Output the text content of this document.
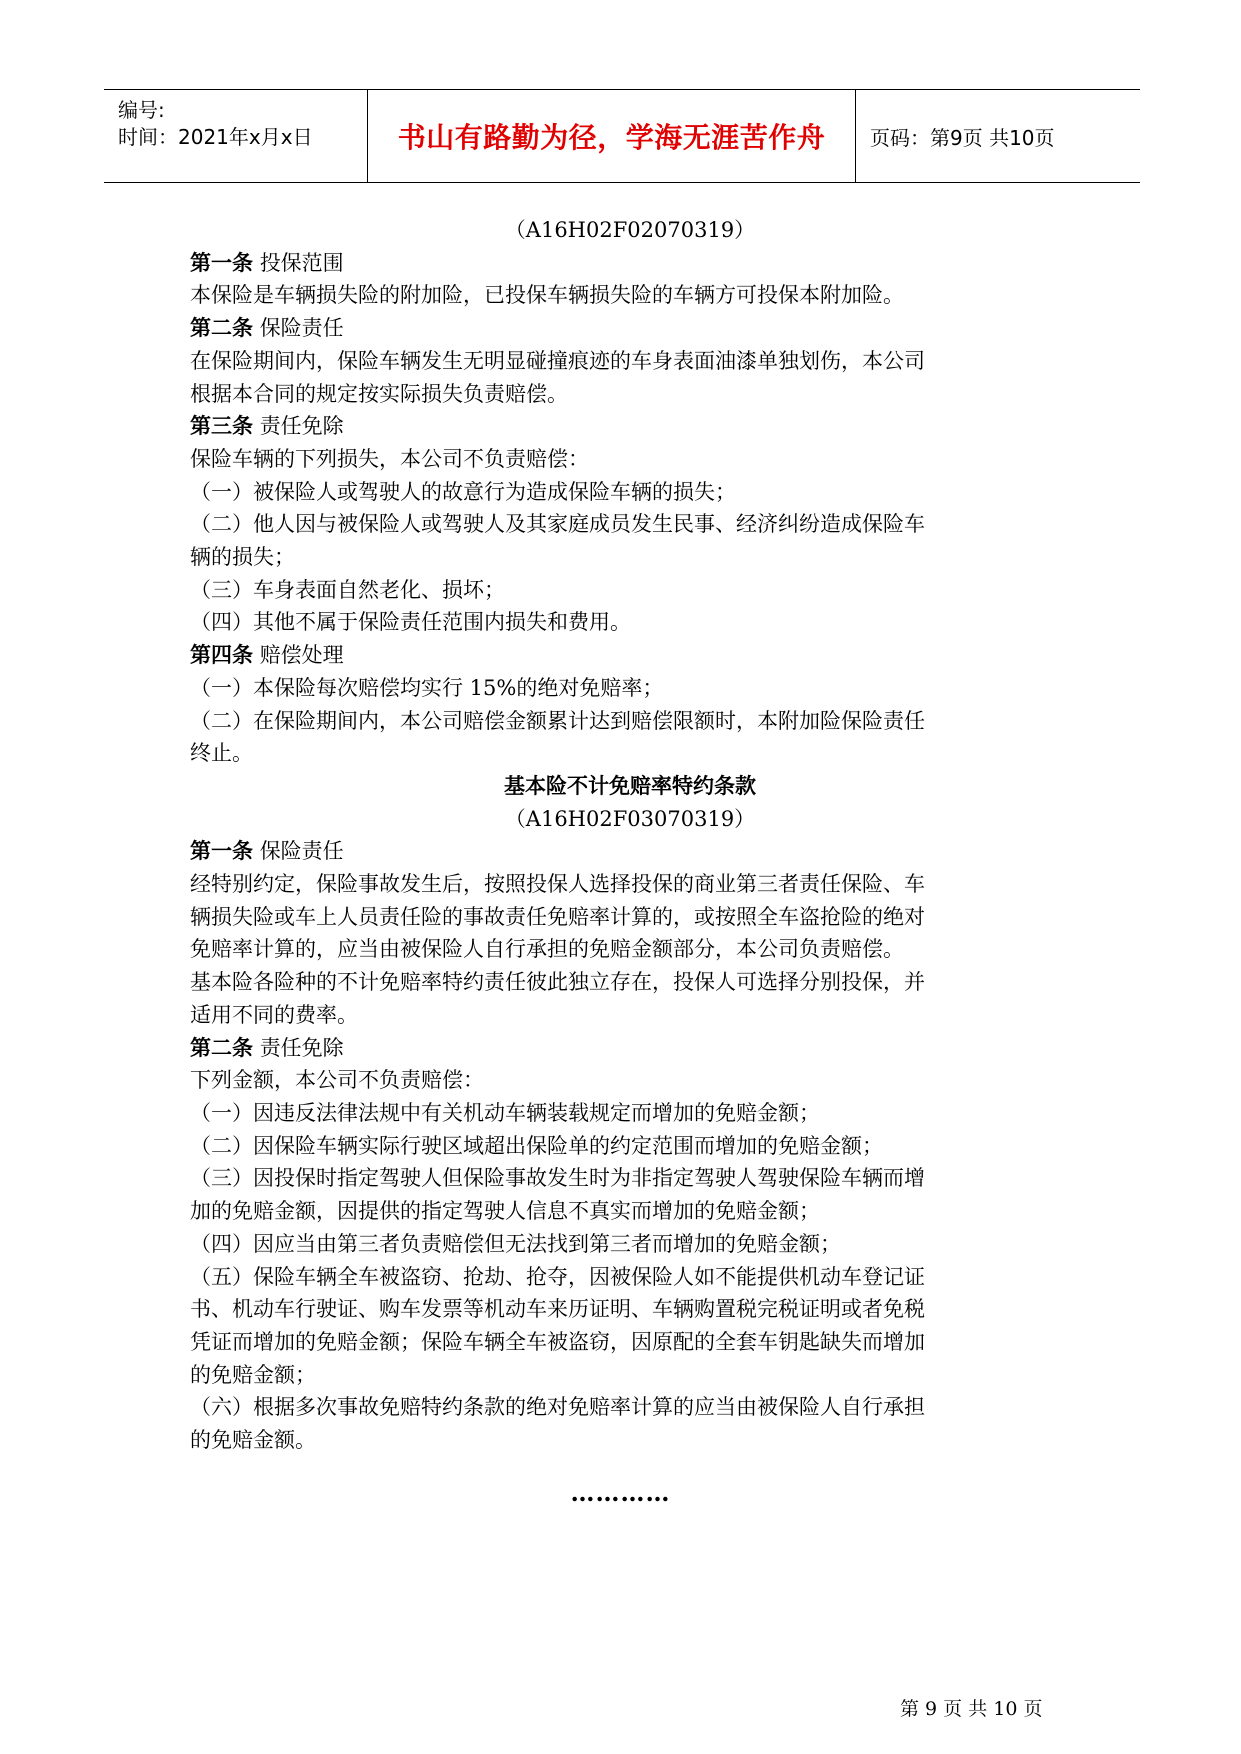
编号:
时间：2021年x月x日	书山有路勤为径，学海无涯苦作舟 页码：第9页 共10页

（A16H02F02070319）

第一条 投保范围

本保险是车辆损失险的附加险，已投保车辆损失险的车辆方可投保本附加险。

第二条 保险责任

在保险期间内，保险车辆发生无明显碰撞痕迹的车身表面油漆单独划伤，本公司

根据本合同的规定按实际损失负责赔偿。

第三条 责任免除

保险车辆的下列损失，本公司不负责赔偿：

（一）被保险人或驾驶人的故意行为造成保险车辆的损失；

（二）他人因与被保险人或驾驶人及其家庭成员发生民事、经济纠纷造成保险车

辆的损失；

（三）车身表面自然老化、损坏；

（四）其他不属于保险责任范围内损失和费用。

第四条 赔偿处理

（一）本保险每次赔偿均实行 15%的绝对免赔率；

（二）在保险期间内，本公司赔偿金额累计达到赔偿限额时，本附加险保险责任

终止。

基本险不计免赔率特约条款

（A16H02F03070319）

第一条 保险责任

经特别约定，保险事故发生后，按照投保人选择投保的商业第三者责任保险、车

辆损失险或车上人员责任险的事故责任免赔率计算的，或按照全车盗抢险的绝对

免赔率计算的，应当由被保险人自行承担的免赔金额部分，本公司负责赔偿。

基本险各险种的不计免赔率特约责任彼此独立存在，投保人可选择分别投保，并

适用不同的费率。

第二条 责任免除

下列金额，本公司不负责赔偿：

（一）因违反法律法规中有关机动车辆装载规定而增加的免赔金额；

（二）因保险车辆实际行驶区域超出保险单的约定范围而增加的免赔金额；

（三）因投保时指定驾驶人但保险事故发生时为非指定驾驶人驾驶保险车辆而增

加的免赔金额，因提供的指定驾驶人信息不真实而增加的免赔金额；

（四）因应当由第三者负责赔偿但无法找到第三者而增加的免赔金额；

（五）保险车辆全车被盗窃、抢劫、抢夺，因被保险人如不能提供机动车登记证

书、机动车行驶证、购车发票等机动车来历证明、车辆购置税完税证明或者免税

凭证而增加的免赔金额；保险车辆全车被盗窃，因原配的全套车钥匙缺失而增加

的免赔金额；

（六）根据多次事故免赔特约条款的绝对免赔率计算的应当由被保险人自行承担

的免赔金额。

…………
第 9 页 共 10 页
